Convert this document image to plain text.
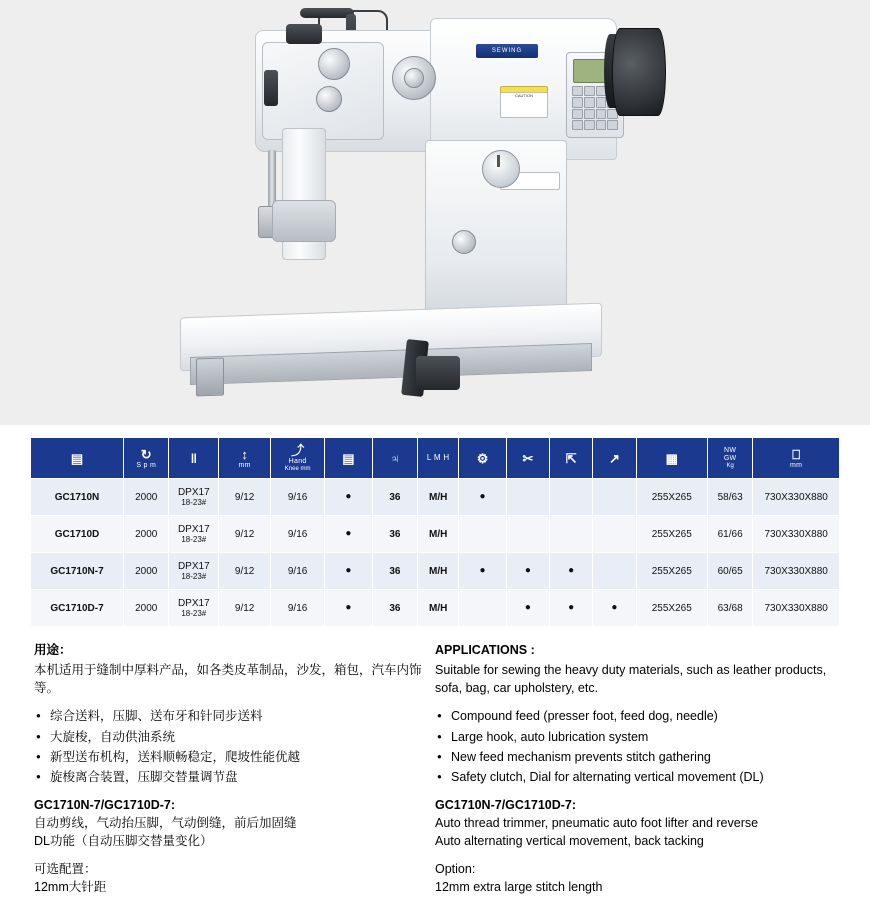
SEWING
CAUTION
▤	↻
S p m	‖	↕
mm	⤴
Hand
Knee mm	▤	♃	L M H	⚙	✂	⇱	↗	▦	NW
GW
Kg	⎕
mm

GC1710N	2000	DPX17
18-23#	9/12	9/16	●	36	M/H	●				255X265	58/63	730X330X880
GC1710D	2000	DPX17
18-23#	9/12	9/16	●	36	M/H					255X265	61/66	730X330X880
GC1710N-7	2000	DPX17
18-23#	9/12	9/16	●	36	M/H	●	●	●		255X265	60/65	730X330X880
GC1710D-7	2000	DPX17
18-23#	9/12	9/16	●	36	M/H		●	●	●	255X265	63/68	730X330X880
用途：

本机适用于缝制中厚料产品，如各类皮革制品，沙发，箱包，汽车内饰等。

● 综合送料，压脚、送布牙和针同步送料
● 大旋梭，自动供油系统
● 新型送布机构，送料顺畅稳定，爬坡性能优越
● 旋梭离合装置，压脚交替量调节盘
GC1710N-7/GC1710D-7:
自动剪线，气动抬压脚，气动倒缝，前后加固缝
DL功能（自动压脚交替量变化）
可选配置：
12mm大针距
APPLICATIONS :

Suitable for sewing the heavy duty materials, such as leather products, sofa, bag, car upholstery, etc.

● Compound feed (presser foot, feed dog, needle)
● Large hook, auto lubrication system
● New feed mechanism prevents stitch gathering
● Safety clutch, Dial for alternating vertical movement (DL)
GC1710N-7/GC1710D-7:
Auto thread trimmer, pneumatic auto foot lifter and reverse
Auto alternating vertical movement, back tacking
Option:
12mm extra large stitch length
